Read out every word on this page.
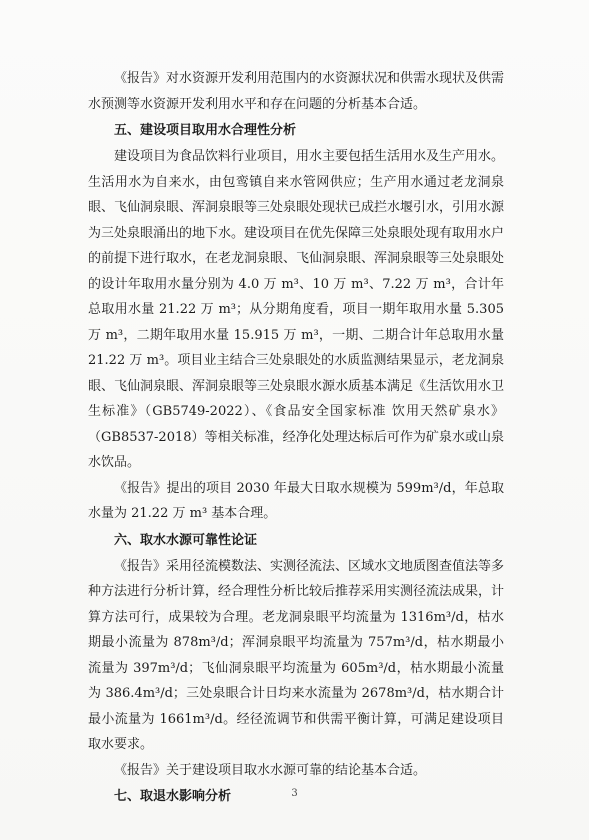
《报告》对水资源开发利用范围内的水资源状况和供需水现状及供需水预测等水资源开发利用水平和存在问题的分析基本合适。

五、建设项目取用水合理性分析

建设项目为食品饮料行业项目，用水主要包括生活用水及生产用水。生活用水为自来水，由包鸾镇自来水管网供应；生产用水通过老龙洞泉眼、飞仙洞泉眼、浑洞泉眼等三处泉眼处现状已成拦水堰引水，引用水源为三处泉眼涌出的地下水。建设项目在优先保障三处泉眼处现有取用水户的前提下进行取水，在老龙洞泉眼、飞仙洞泉眼、浑洞泉眼等三处泉眼处的设计年取用水量分别为 4.0 万 m³、10 万 m³、7.22 万 m³，合计年总取用水量 21.22 万 m³；从分期角度看，项目一期年取用水量 5.305 万 m³，二期年取用水量 15.915 万 m³，一期、二期合计年总取用水量 21.22 万 m³。项目业主结合三处泉眼处的水质监测结果显示，老龙洞泉眼、飞仙洞泉眼、浑洞泉眼等三处泉眼水源水质基本满足《生活饮用水卫生标准》（GB5749-2022）、《食品安全国家标准 饮用天然矿泉水》（GB8537-2018）等相关标准，经净化处理达标后可作为矿泉水或山泉水饮品。

《报告》提出的项目 2030 年最大日取水规模为 599m³/d，年总取水量为 21.22 万 m³ 基本合理。

六、取水水源可靠性论证

《报告》采用径流模数法、实测径流法、区域水文地质图查值法等多种方法进行分析计算，经合理性分析比较后推荐采用实测径流法成果，计算方法可行，成果较为合理。老龙洞泉眼平均流量为 1316m³/d，枯水期最小流量为 878m³/d；浑洞泉眼平均流量为 757m³/d，枯水期最小流量为 397m³/d；飞仙洞泉眼平均流量为 605m³/d，枯水期最小流量为 386.4m³/d；三处泉眼合计日均来水流量为 2678m³/d，枯水期合计最小流量为 1661m³/d。经径流调节和供需平衡计算，可满足建设项目取水要求。

《报告》关于建设项目取水水源可靠的结论基本合适。

七、取退水影响分析	3
